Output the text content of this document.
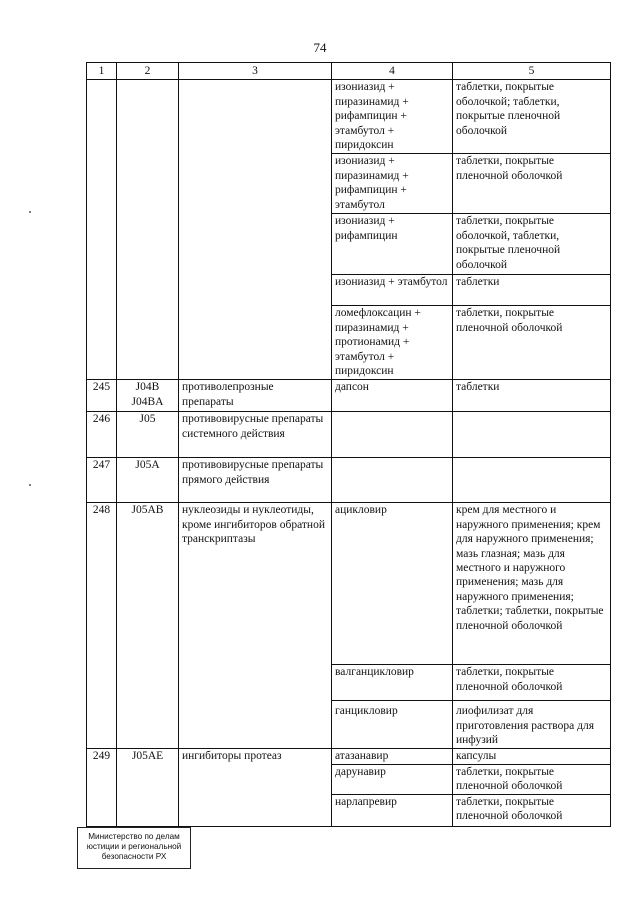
74
1	2	3	4	5
			изониазид + пиразинамид + рифампицин + этамбутол + пиридоксин	таблетки, покрытые оболочкой; таблетки, покрытые пленочной оболочкой
			изониазид + пиразинамид + рифампицин + этамбутол	таблетки, покрытые пленочной оболочкой
			изониазид + рифампицин	таблетки, покрытые оболочкой, таблетки, покрытые пленочной оболочкой
			изониазид + этамбутол	таблетки
			ломефлоксацин + пиразинамид + протионамид + этамбутол + пиридоксин	таблетки, покрытые пленочной оболочкой
245	J04B J04BA	противолепрозные препараты	дапсон	таблетки
246	J05	противовирусные препараты системного действия		
247	J05A	противовирусные препараты прямого действия		
248	J05AB	нуклеозиды и нуклеотиды, кроме ингибиторов обратной транскриптазы	ацикловир	крем для местного и наружного применения; крем для наружного применения; мазь глазная; мазь для местного и наружного применения; мазь для наружного применения; таблетки; таблетки, покрытые пленочной оболочкой
			валганцикловир	таблетки, покрытые пленочной оболочкой
			ганцикловир	лиофилизат для приготовления раствора для инфузий
249	J05AE	ингибиторы протеаз	атазанавир	капсулы
			дарунавир	таблетки, покрытые пленочной оболочкой
			нарлапревир	таблетки, покрытые пленочной оболочкой
Министерство по делам
юстиции и региональной
безопасности РХ
